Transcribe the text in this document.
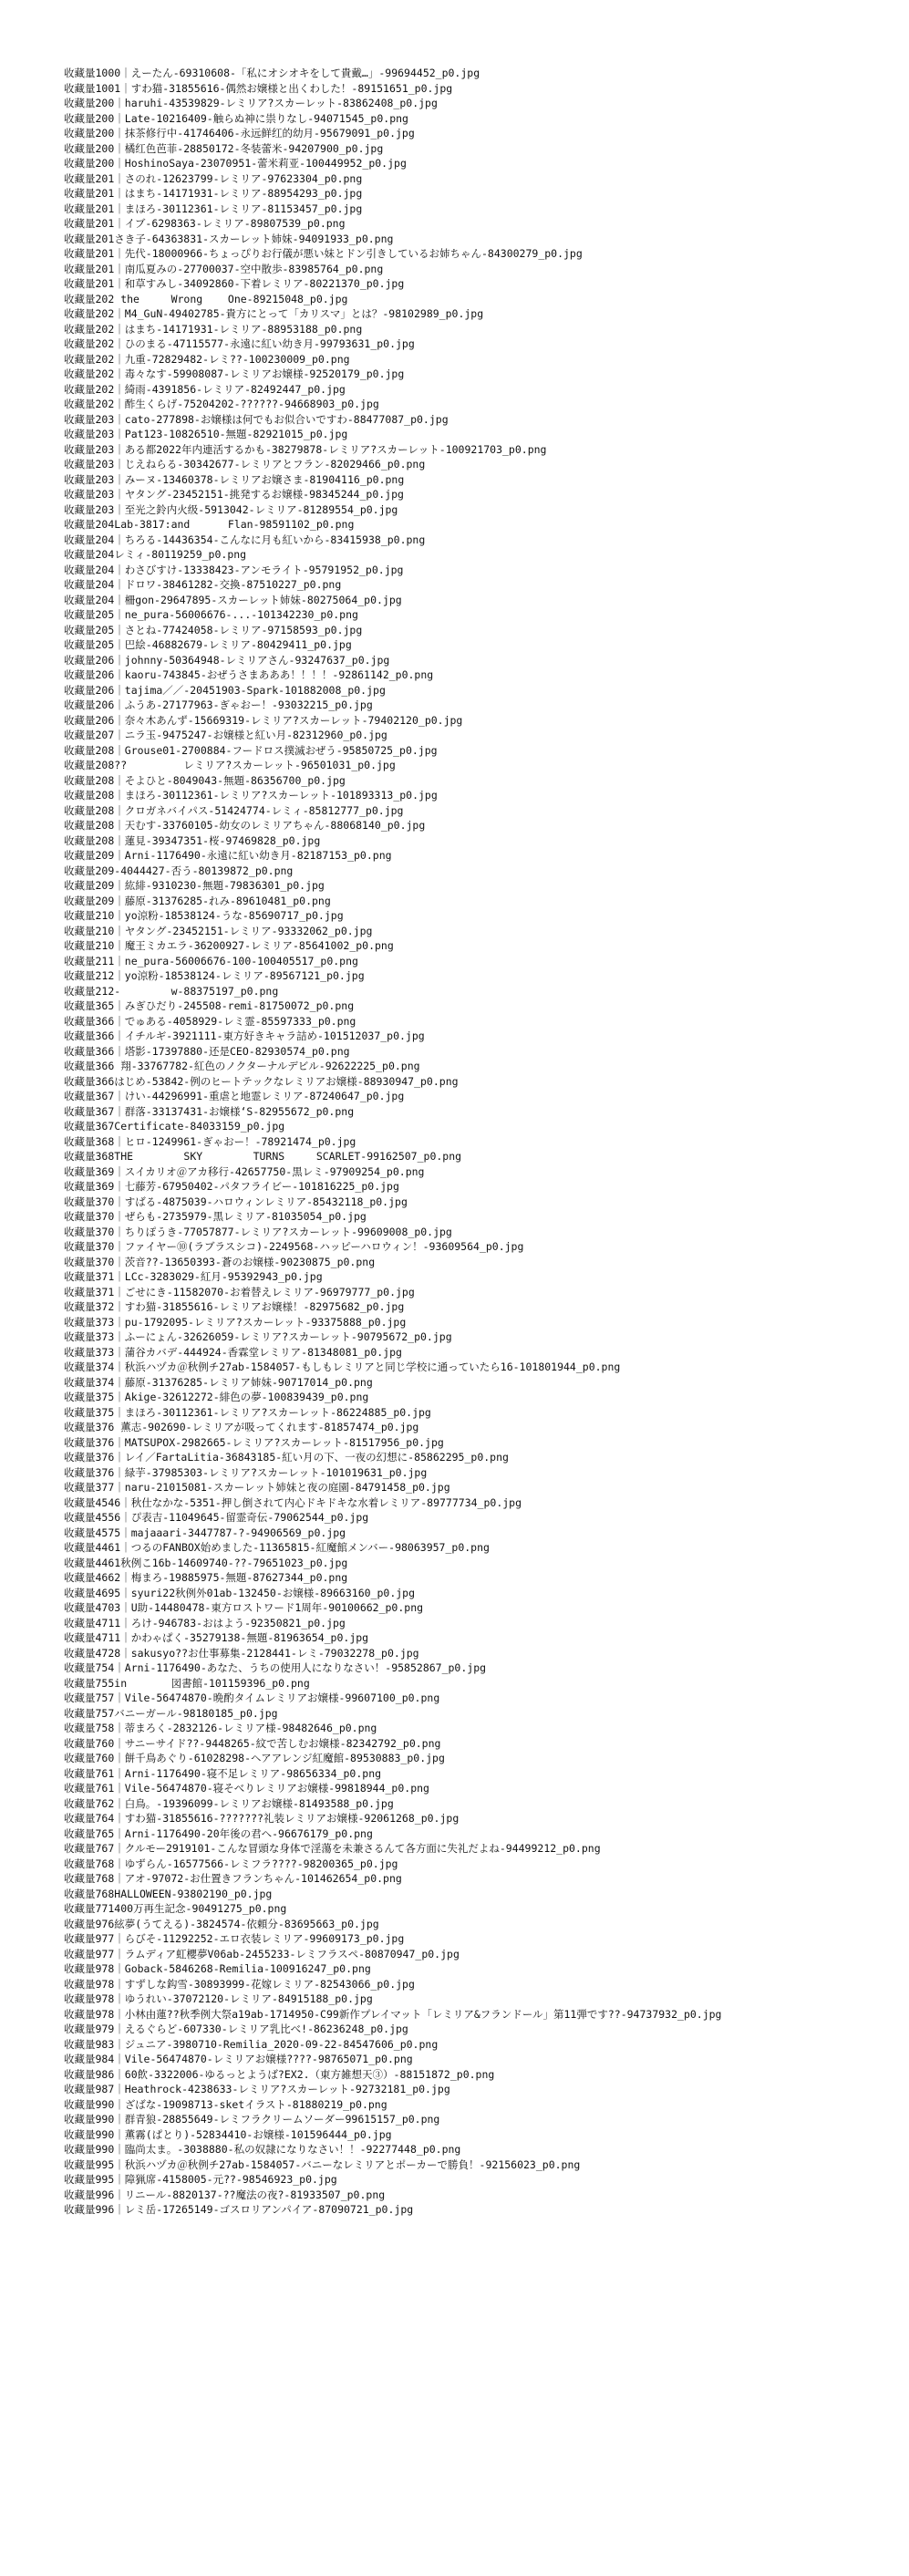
收藏量1000｜えーたん-69310608-「私にオシオキをして貴戴…」-99694452_p0.jpg
收藏量1001｜すわ猫-31855616-偶然お嬢様と出くわした！-89151651_p0.jpg
收藏量200｜haruhi-43539829-レミリア?スカーレット-83862408_p0.jpg
收藏量200｜Late-10216409-触らぬ神に祟りなし-94071545_p0.png
收藏量200｜抹茶修行中-41746406-永远鲜红的幼月-95679091_p0.jpg
收藏量200｜橘红色芭菲-28850172-冬装蕾米-94207900_p0.jpg
收藏量200｜HoshinoSaya-23070951-蕾米莉亚-100449952_p0.jpg
收藏量201｜さのれ-12623799-レミリア-97623304_p0.png
收藏量201｜はまち-14171931-レミリア-88954293_p0.jpg
收藏量201｜まほろ-30112361-レミリア-81153457_p0.jpg
收藏量201｜イブ-6298363-レミリア-89807539_p0.png
收藏量201さき子-64363831-スカーレット姉妹-94091933_p0.png
收藏量201｜先代-18000966-ちょっぴりお行儀が悪い妹とドン引きしているお姉ちゃん-84300279_p0.jpg
收藏量201｜南瓜夏みの-27700037-空中散歩-83985764_p0.png
收藏量201｜和草すみし-34092860-下着レミリア-80221370_p0.jpg
收藏量202 the     Wrong    One-89215048_p0.jpg
收藏量202｜M4_GuN-49402785-貴方にとって「カリスマ」とは？-98102989_p0.jpg
收藏量202｜はまち-14171931-レミリア-88953188_p0.png
收藏量202｜ひのまる-47115577-永遠に紅い幼き月-99793631_p0.jpg
收藏量202｜九重-72829482-レミ??-100230009_p0.png
收藏量202｜毒々なす-59908087-レミリアお嬢様-92520179_p0.jpg
收藏量202｜綺雨-4391856-レミリア-82492447_p0.jpg
收藏量202｜酢生くらげ-75204202-??????-94668903_p0.jpg
收藏量203｜cato-277898-お嬢様は何でもお似合いですわ-88477087_p0.jpg
收藏量203｜Pat123-10826510-無題-82921015_p0.jpg
收藏量203｜ある都2022年内連活するかも-38279878-レミリア?スカーレット-100921703_p0.png
收藏量203｜じえねらる-30342677-レミリアとフラン-82029466_p0.png
收藏量203｜みーヌ-13460378-レミリアお嬢さま-81904116_p0.png
收藏量203｜ヤタング-23452151-挑発するお嬢様-98345244_p0.jpg
收藏量203｜至光之鈴内火级-5913042-レミリア-81289554_p0.jpg
收藏量204Lab-3817:and      Flan-98591102_p0.png
收藏量204｜ちろる-14436354-こんなに月も紅いから-83415938_p0.png
收藏量204レミィ-80119259_p0.png
收藏量204｜わさびすけ-13338423-アンモライト-95791952_p0.jpg
收藏量204｜ドロワ-38461282-交換-87510227_p0.png
收藏量204｜柵gon-29647895-スカーレット姉妹-80275064_p0.jpg
收藏量205｜ne_pura-56006676-...-101342230_p0.png
收藏量205｜さとね-77424058-レミリア-97158593_p0.jpg
收藏量205｜巴絵-46882679-レミリア-80429411_p0.jpg
收藏量206｜johnny-50364948-レミリアさん-93247637_p0.jpg
收藏量206｜kaoru-743845-おぜうさまあああ！！！！-92861142_p0.png
收藏量206｜tajima／／-20451903-Spark-101882008_p0.jpg
收藏量206｜ふうあ-27177963-ぎゃおー！-93032215_p0.jpg
收藏量206｜奈々木あんず-15669319-レミリア?スカーレット-79402120_p0.jpg
收藏量207｜ニラ玉-9475247-お嬢様と紅い月-82312960_p0.jpg
收藏量208｜Grouse01-2700884-フードロス撲滅おぜう-95850725_p0.jpg
收藏量208??         レミリア?スカーレット-96501031_p0.jpg
收藏量208｜そよひと-8049043-無題-86356700_p0.jpg
收藏量208｜まほろ-30112361-レミリア?スカーレット-101893313_p0.jpg
收藏量208｜クロガネバイパス-51424774-レミィ-85812777_p0.jpg
收藏量208｜天むす-33760105-幼女のレミリアちゃん-88068140_p0.jpg
收藏量208｜蓮見-39347351-桜-97469828_p0.jpg
收藏量209｜Arni-1176490-永遠に紅い幼き月-82187153_p0.png
收藏量209-4044427-否う-80139872_p0.png
收藏量209｜紘緋-9310230-無題-79836301_p0.jpg
收藏量209｜藤原-31376285-れみ-89610481_p0.png
收藏量210｜yo涼粉-18538124-うな-85690717_p0.jpg
收藏量210｜ヤタング-23452151-レミリア-93332062_p0.jpg
收藏量210｜魔王ミカエラ-36200927-レミリア-85641002_p0.png
收藏量211｜ne_pura-56006676-100-100405517_p0.png
收藏量212｜yo涼粉-18538124-レミリア-89567121_p0.jpg
收藏量212-        w-88375197_p0.png
收藏量365｜みぎひだり-245508-remi-81750072_p0.png
收藏量366｜でゅある-4058929-レミ霊-85597333_p0.png
收藏量366｜イチルギ-3921111-東方好きキャラ詰め-101512037_p0.jpg
收藏量366｜塔影-17397880-还是CEO-82930574_p0.png
收藏量366 翔-33767782-紅色のノクターナルデビル-92622225_p0.png
收藏量366はじめ-53842-例のヒートテックなレミリアお嬢様-88930947_p0.png
收藏量367｜けい-44296991-重虐と地霊レミリア-87240647_p0.jpg
收藏量367｜群落-33137431-お嬢様‘S-82955672_p0.png
收藏量367Certificate-84033159_p0.jpg
收藏量368｜ヒロ-1249961-ぎゃおー！-78921474_p0.jpg
收藏量368THE        SKY        TURNS     SCARLET-99162507_p0.png
收藏量369｜スイカリオ＠アカ移行-42657750-黒レミ-97909254_p0.png
收藏量369｜七藤芳-67950402-パタフライビー-101816225_p0.jpg
收藏量370｜すばる-4875039-ハロウィンレミリア-85432118_p0.jpg
收藏量370｜ぜらも-2735979-黒レミリア-81035054_p0.jpg
收藏量370｜ちりぽうき-77057877-レミリア?スカーレット-99609008_p0.jpg
收藏量370｜ファイヤー⑩(ラブラスシコ)-2249568-ハッピーハロウィン！-93609564_p0.jpg
收藏量370｜茨音??-13650393-蒼のお嬢様-90230875_p0.png
收藏量371｜LCc-3283029-紅月-95392943_p0.jpg
收藏量371｜ごせにき-11582070-お着替えレミリア-96979777_p0.jpg
收藏量372｜すわ猫-31855616-レミリアお嬢様！-82975682_p0.jpg
收藏量373｜pu-1792095-レミリア?スカーレット-93375888_p0.jpg
收藏量373｜ふーにょん-32626059-レミリア?スカーレット-90795672_p0.jpg
收藏量373｜蒲谷カバデ-444924-香霖堂レミリア-81348081_p0.jpg
收藏量374｜秋浜ハヅカ＠秋例チ27ab-1584057-もしもレミリアと同じ学校に通っていたら16-101801944_p0.png
收藏量374｜藤原-31376285-レミリア姉妹-90717014_p0.png
收藏量375｜Akige-32612272-緋色の夢-100839439_p0.png
收藏量375｜まほろ-30112361-レミリア?スカーレット-86224885_p0.jpg
收藏量376 薫志-902690-レミリアが吸ってくれます-81857474_p0.jpg
收藏量376｜MATSUPOX-2982665-レミリア?スカーレット-81517956_p0.jpg
收藏量376｜レイ／FartaLitia-36843185-紅い月の下、一夜の幻想に-85862295_p0.png
收藏量376｜緑芋-37985303-レミリア?スカーレット-101019631_p0.jpg
收藏量377｜naru-21015081-スカーレット姉妹と夜の庭園-84791458_p0.jpg
收藏量4546｜秋仕なかな-5351-押し倒されて内心ドキドキな水着レミリア-89777734_p0.jpg
收藏量4556｜ぴ表吉-11049645-留霊奇伝-79062544_p0.jpg
收藏量4575｜majaaari-3447787-?-94906569_p0.jpg
收藏量4461｜つるのFANBOX始めました-11365815-紅魔館メンバー-98063957_p0.png
收藏量4461秋例こ16b-14609740-??-79651023_p0.jpg
收藏量4662｜梅まろ-19885975-無題-87627344_p0.png
收藏量4695｜syuri22秋例外01ab-132450-お嬢様-89663160_p0.jpg
收藏量4703｜U助-14480478-東方ロストワード1周年-90100662_p0.png
收藏量4711｜ろけ-946783-おはよう-92350821_p0.jpg
收藏量4711｜かわゃぱく-35279138-無題-81963654_p0.jpg
收藏量4728｜sakusyo??お仕事募集-2128441-レミ-79032278_p0.jpg
收藏量754｜Arni-1176490-あなた、うちの使用人になりなさい！-95852867_p0.jpg
收藏量755in       図書館-101159396_p0.png
收藏量757｜Vile-56474870-晩酌タイムレミリアお嬢様-99607100_p0.png
收藏量757バニーガール-98180185_p0.jpg
收藏量758｜蒂まろく-2832126-レミリア様-98482646_p0.png
收藏量760｜サニーサイド??-9448265-紋で苦しむお嬢様-82342792_p0.png
收藏量760｜餅千鳥あぐり-61028298-ヘアアレンジ紅魔館-89530883_p0.jpg
收藏量761｜Arni-1176490-寝不足レミリア-98656334_p0.png
收藏量761｜Vile-56474870-寝そべりレミリアお嬢様-99818944_p0.png
收藏量762｜白鳥。-19396099-レミリアお嬢様-81493588_p0.jpg
收藏量764｜すわ猫-31855616-???????礼装レミリアお嬢様-92061268_p0.jpg
收藏量765｜Arni-1176490-20年後の君へ-96676179_p0.png
收藏量767｜クルモー2919101-こんな冒頭な身体で淫蕩を未兼さるんて各方面に失礼だよね-94499212_p0.png
收藏量768｜ゆずらん-16577566-レミフラ????-98200365_p0.jpg
收藏量768｜アオ-97072-お仕置きフランちゃん-101462654_p0.png
收藏量768HALLOWEEN-93802190_p0.jpg
收藏量771400万再生記念-90491275_p0.png
收藏量976絃夢(うてえる)-3824574-依頼分-83695663_p0.jpg
收藏量977｜らびそ-11292252-エロ衣装レミリア-99609173_p0.jpg
收藏量977｜ラムディア虹櫻夢V06ab-2455233-レミフラスペ-80870947_p0.jpg
收藏量978｜Goback-5846268-Remilia-100916247_p0.png
收藏量978｜すずしな鈎雪-30893999-花嫁レミリア-82543066_p0.jpg
收藏量978｜ゆうれい-37072120-レミリア-84915188_p0.jpg
收藏量978｜小林由蓮??秋季例大祭a19ab-1714950-C99新作プレイマット「レミリア&フランドール」第11弾です??-94737932_p0.jpg
收藏量979｜えるぐらど-607330-レミリア乳比べ!-86236248_p0.jpg
收藏量983｜ジュニア-3980710-Remilia_2020-09-22-84547606_p0.png
收藏量984｜Vile-56474870-レミリアお嬢様????-98765071_p0.png
收藏量986｜60飲-3322006-ゆるっとようば?EX2.（東方雑想天③）-88151872_p0.png
收藏量987｜Heathrock-4238633-レミリア?スカーレット-92732181_p0.jpg
收藏量990｜ざばな-19098713-sketイラスト-81880219_p0.png
收藏量990｜群青狼-28855649-レミフラクリームソーダー99615157_p0.png
收藏量990｜薫霧(ぱとり)-52834410-お嬢様-101596444_p0.jpg
收藏量990｜臨尚太ま。-3038880-私の奴隷になりなさい！！-92277448_p0.png
收藏量995｜秋浜ハヅカ＠秋例チ27ab-1584057-バニーなレミリアとポーカーで勝負！-92156023_p0.png
收藏量995｜障猟席-4158005-元??-98546923_p0.jpg
收藏量996｜リニール-8820137-??魔法の夜?-81933507_p0.png
收藏量996｜レミ岳-17265149-ゴスロリアンパイア-87090721_p0.jpg
